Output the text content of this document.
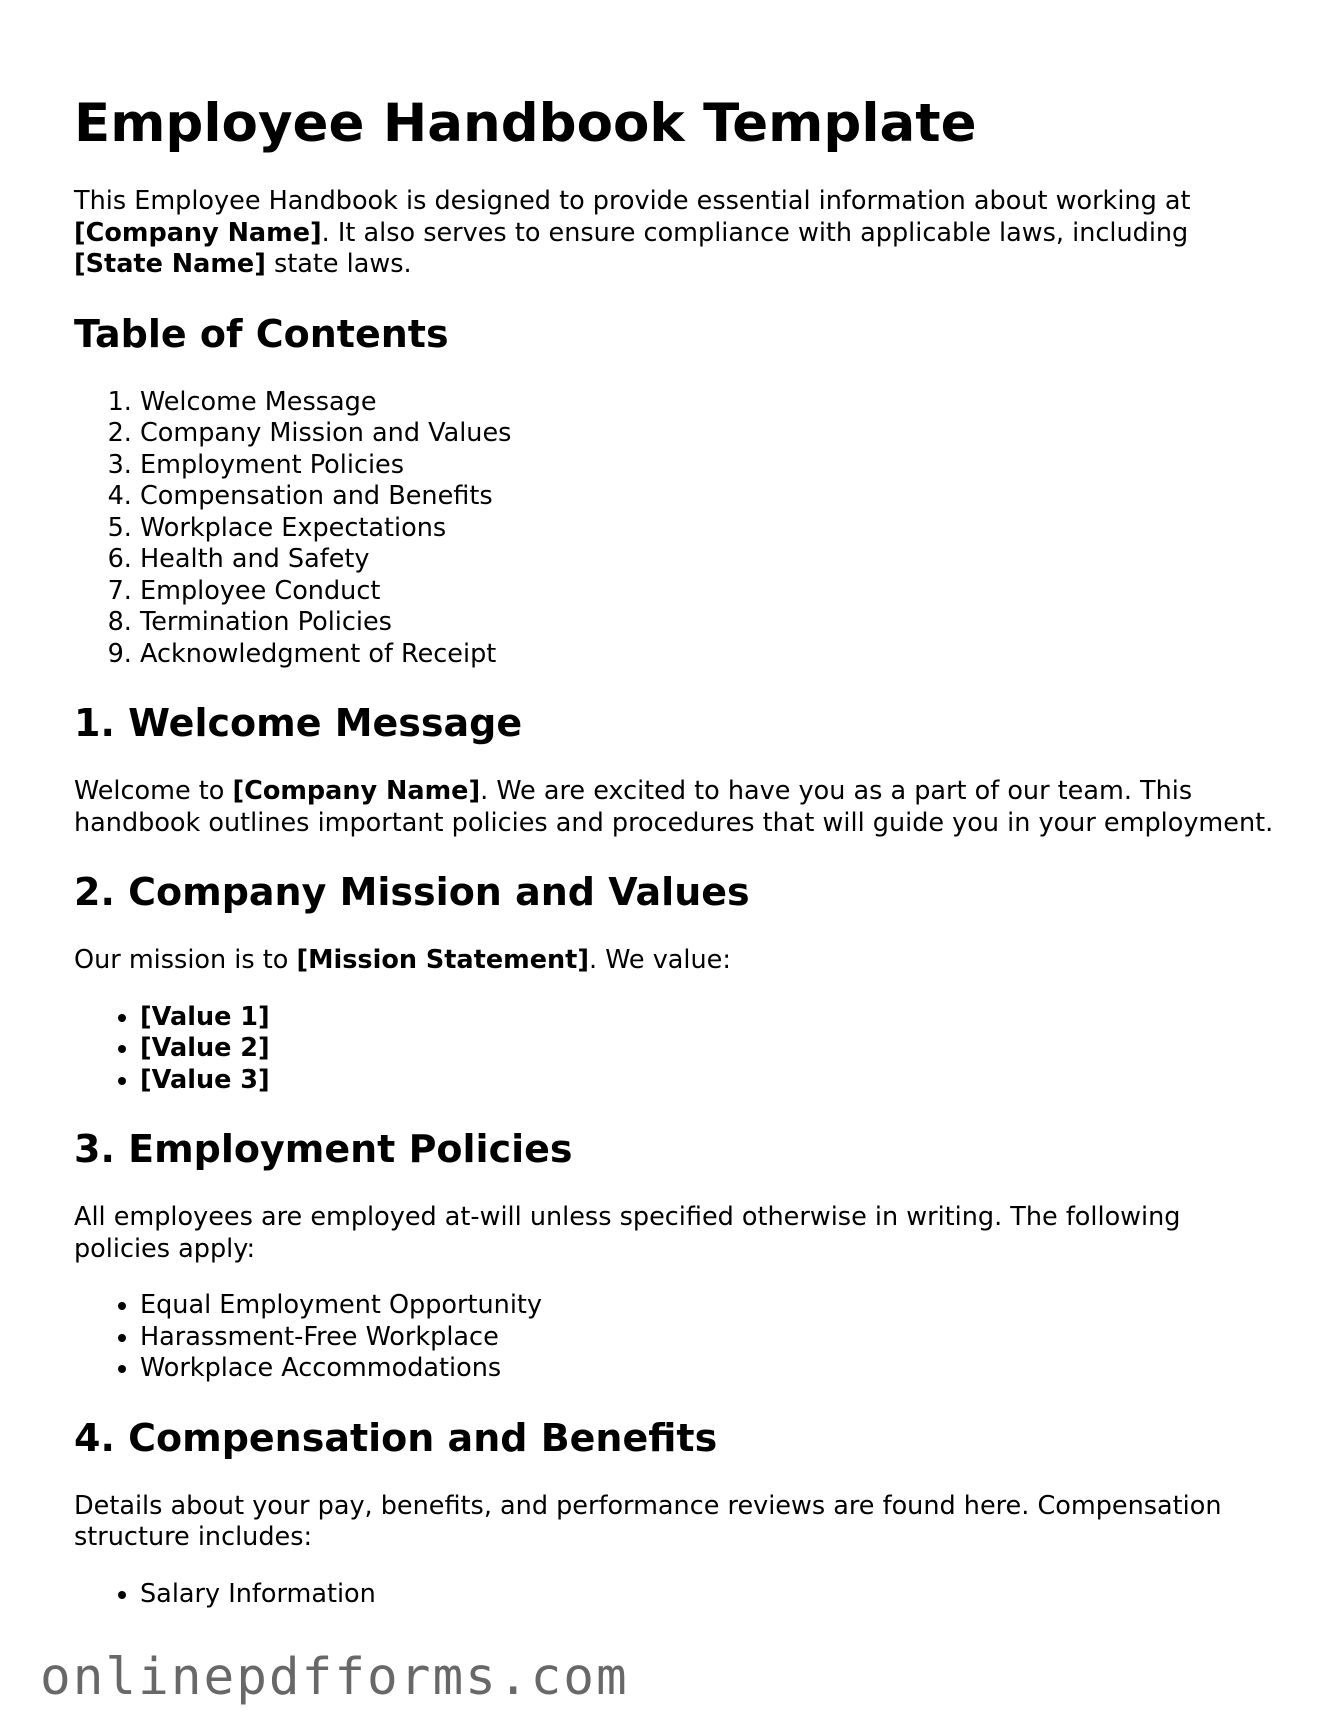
Employee Handbook Template

This Employee Handbook is designed to provide essential information about working at [Company Name]. It also serves to ensure compliance with applicable laws, including
[State Name] state laws.

Table of Contents
1. Welcome Message
2. Company Mission and Values
3. Employment Policies
4. Compensation and Benefits
5. Workplace Expectations
6. Health and Safety
7. Employee Conduct
8. Termination Policies
9. Acknowledgment of Receipt
1. Welcome Message

Welcome to [Company Name]. We are excited to have you as a part of our team. This handbook outlines important policies and procedures that will guide you in your employment.

2. Company Mission and Values

Our mission is to [Mission Statement]. We value:

• [Value 1]
• [Value 2]
• [Value 3]
3. Employment Policies

All employees are employed at-will unless specified otherwise in writing. The following policies apply:

• Equal Employment Opportunity
• Harassment-Free Workplace
• Workplace Accommodations
4. Compensation and Benefits

Details about your pay, benefits, and performance reviews are found here. Compensation structure includes:

• Salary Information
onlinepdfforms.com
